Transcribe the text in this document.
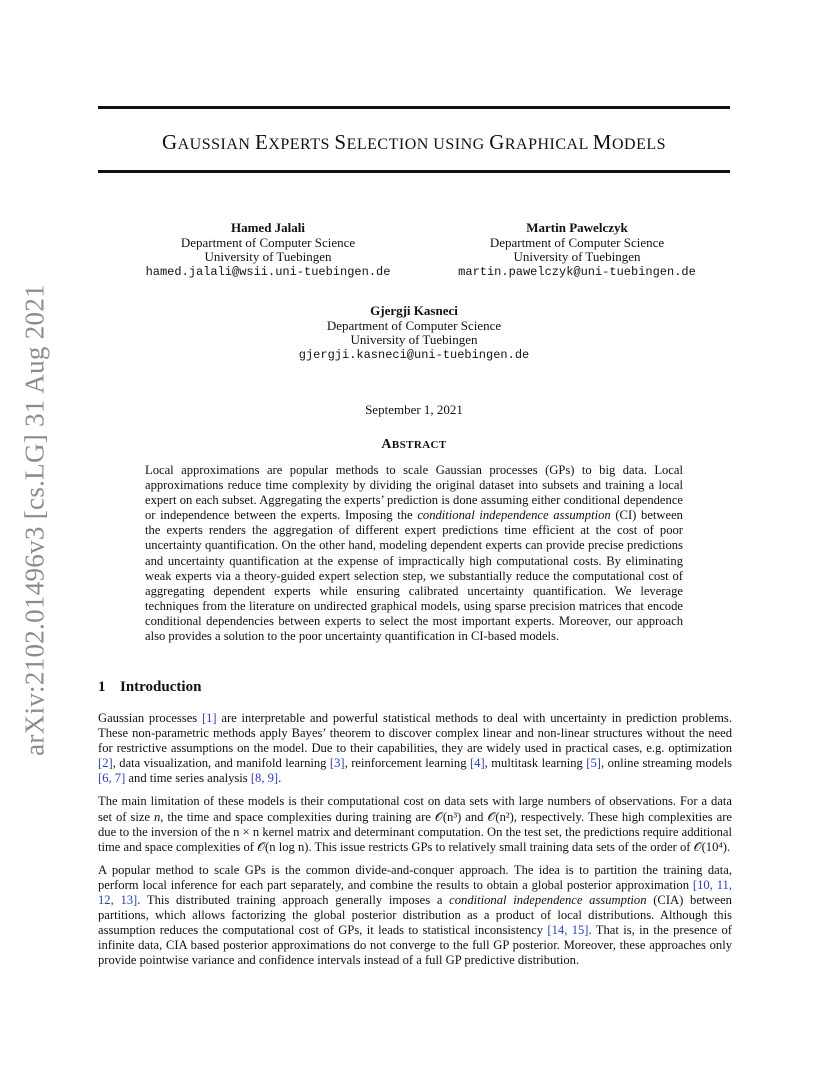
arXiv:2102.01496v3 [cs.LG] 31 Aug 2021
GAUSSIAN EXPERTS SELECTION USING GRAPHICAL MODELS
Hamed Jalali
Department of Computer Science
University of Tuebingen
hamed.jalali@wsii.uni-tuebingen.de
Martin Pawelczyk
Department of Computer Science
University of Tuebingen
martin.pawelczyk@uni-tuebingen.de
Gjergji Kasneci
Department of Computer Science
University of Tuebingen
gjergji.kasneci@uni-tuebingen.de
September 1, 2021
ABSTRACT
Local approximations are popular methods to scale Gaussian processes (GPs) to big data. Local approximations reduce time complexity by dividing the original dataset into subsets and training a local expert on each subset. Aggregating the experts’ prediction is done assuming either conditional dependence or independence between the experts. Imposing the conditional independence assumption (CI) between the experts renders the aggregation of different expert predictions time efficient at the cost of poor uncertainty quantification. On the other hand, modeling dependent experts can provide precise predictions and uncertainty quantification at the expense of impractically high computational costs. By eliminating weak experts via a theory-guided expert selection step, we substantially reduce the computational cost of aggregating dependent experts while ensuring calibrated uncertainty quantification. We leverage techniques from the literature on undirected graphical models, using sparse precision matrices that encode conditional dependencies between experts to select the most important experts. Moreover, our approach also provides a solution to the poor uncertainty quantification in CI-based models.
1 Introduction

Gaussian processes [1] are interpretable and powerful statistical methods to deal with uncertainty in prediction problems. These non-parametric methods apply Bayes’ theorem to discover complex linear and non-linear structures without the need for restrictive assumptions on the model. Due to their capabilities, they are widely used in practical cases, e.g. optimization [2], data visualization, and manifold learning [3], reinforcement learning [4], multitask learning [5], online streaming models [6, 7] and time series analysis [8, 9].

The main limitation of these models is their computational cost on data sets with large numbers of observations. For a data set of size n, the time and space complexities during training are 𝒪(n³) and 𝒪(n²), respectively. These high complexities are due to the inversion of the n × n kernel matrix and determinant computation. On the test set, the predictions require additional time and space complexities of 𝒪(n log n). This issue restricts GPs to relatively small training data sets of the order of 𝒪(10⁴).

A popular method to scale GPs is the common divide-and-conquer approach. The idea is to partition the training data, perform local inference for each part separately, and combine the results to obtain a global posterior approximation [10, 11, 12, 13]. This distributed training approach generally imposes a conditional independence assumption (CIA) between partitions, which allows factorizing the global posterior distribution as a product of local distributions. Although this assumption reduces the computational cost of GPs, it leads to statistical inconsistency [14, 15]. That is, in the presence of infinite data, CIA based posterior approximations do not converge to the full GP posterior. Moreover, these approaches only provide pointwise variance and confidence intervals instead of a full GP predictive distribution.
